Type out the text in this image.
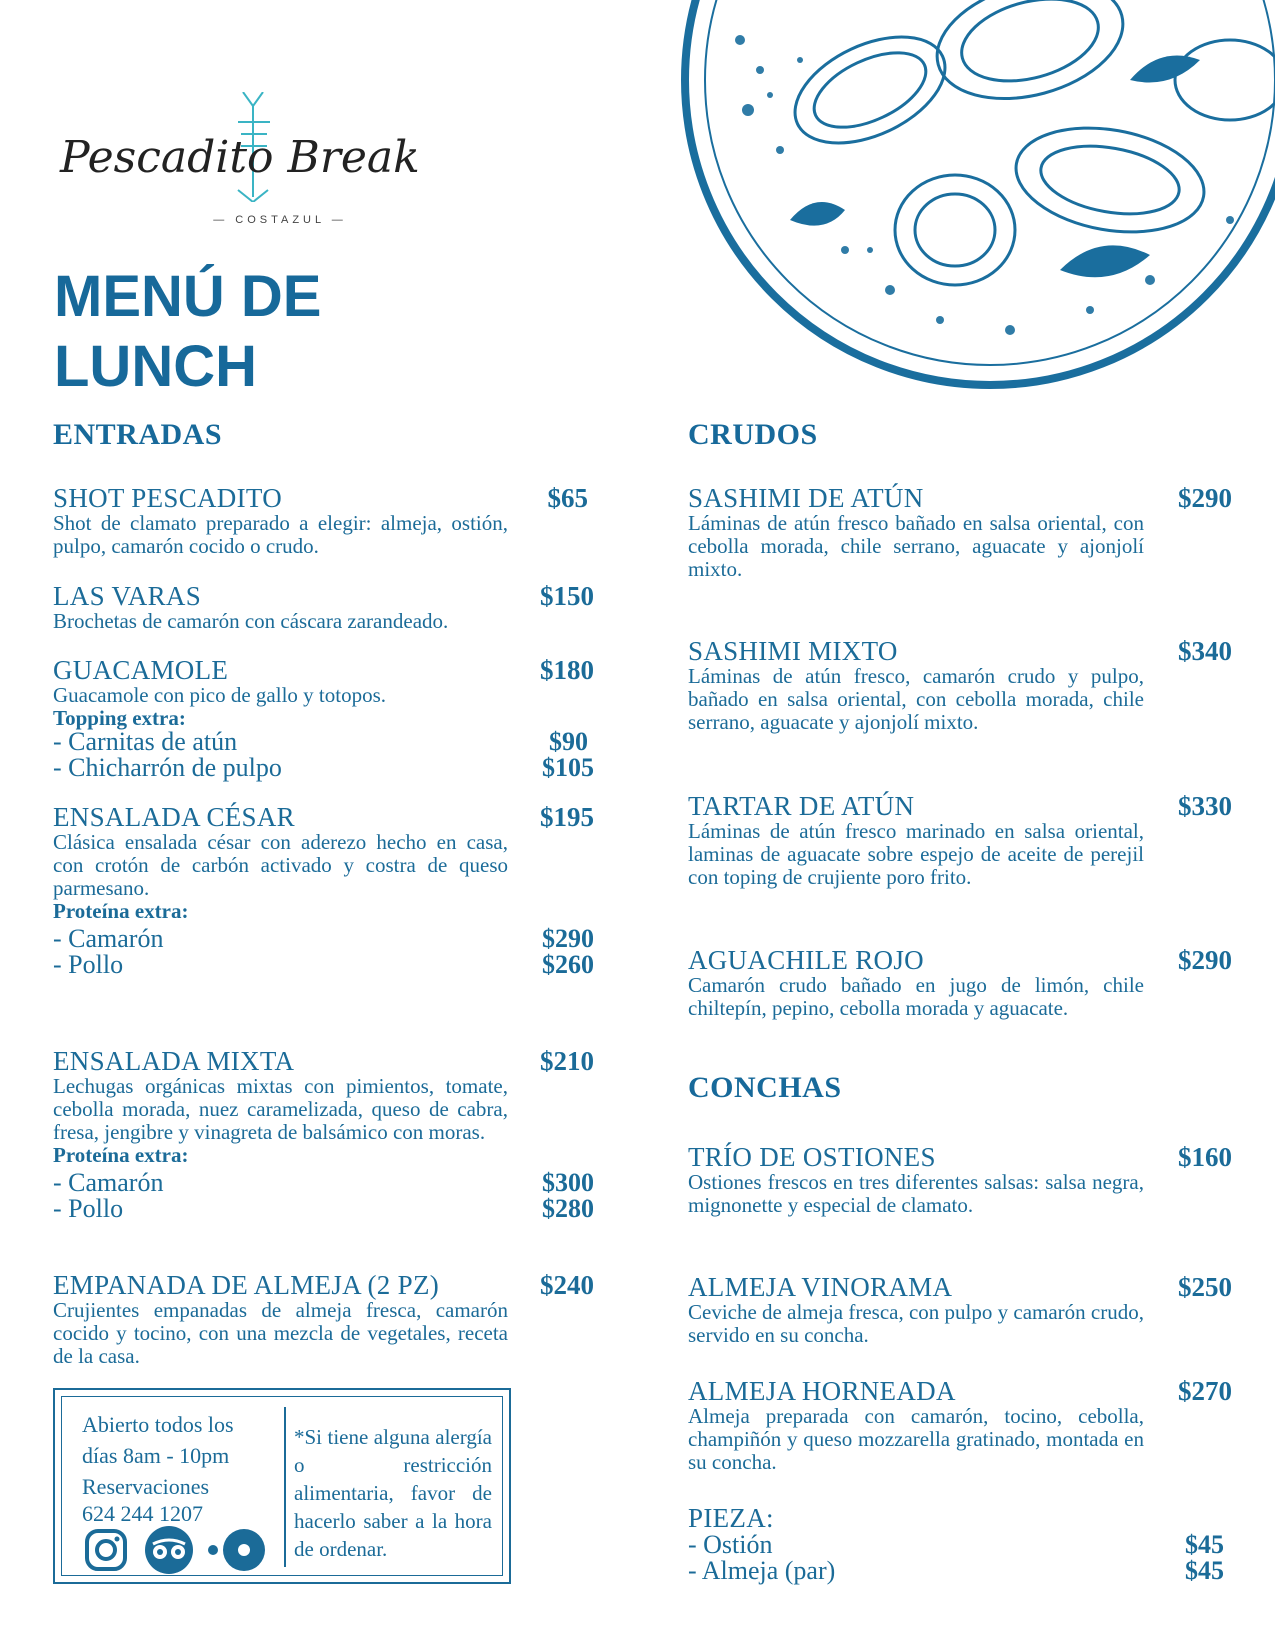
Pescadito Break
— COSTAZUL —
MENÚ DE
LUNCH
ENTRADAS
SHOT PESCADITO	$65
Shot de clamato preparado a elegir: almeja, ostión, pulpo, camarón cocido o crudo.
LAS VARAS	$150
Brochetas de camarón con cáscara zarandeado.
GUACAMOLE	$180
Guacamole con pico de gallo y totopos.
Topping extra:
- Carnitas de atún	$90
- Chicharrón de pulpo	$105
ENSALADA CÉSAR	$195
Clásica ensalada césar con aderezo hecho en casa, con crotón de carbón activado y costra de queso parmesano.
Proteína extra:
- Camarón	$290
- Pollo	$260
ENSALADA MIXTA	$210
Lechugas orgánicas mixtas con pimientos, tomate, cebolla morada, nuez caramelizada, queso de cabra, fresa, jengibre y vinagreta de balsámico con moras.
Proteína extra:
- Camarón	$300
- Pollo	$280
EMPANADA DE ALMEJA (2 PZ)	$240
Crujientes empanadas de almeja fresca, camarón cocido y tocino, con una mezcla de vegetales, receta de la casa.
Abierto todos los días 8am - 10pm
Reservaciones
624 244 1207
*Si tiene alguna alergía o restricción alimentaria, favor de hacerlo saber a la hora de ordenar.

CRUDOS
SASHIMI DE ATÚN	$290
Láminas de atún fresco bañado en salsa oriental, con cebolla morada, chile serrano, aguacate y ajonjolí mixto.
SASHIMI MIXTO	$340
Láminas de atún fresco, camarón crudo y pulpo, bañado en salsa oriental, con cebolla morada, chile serrano, aguacate y ajonjolí mixto.
TARTAR DE ATÚN	$330
Láminas de atún fresco marinado en salsa oriental, laminas de aguacate sobre espejo de aceite de perejil con toping de crujiente poro frito.
AGUACHILE ROJO	$290
Camarón crudo bañado en jugo de limón, chile chiltepín, pepino, cebolla morada y aguacate.
CONCHAS
TRÍO DE OSTIONES	$160
Ostiones frescos en tres diferentes salsas: salsa negra, mignonette y especial de clamato.
ALMEJA VINORAMA	$250
Ceviche de almeja fresca, con pulpo y camarón crudo, servido en su concha.
ALMEJA HORNEADA	$270
Almeja preparada con camarón, tocino, cebolla, champiñón y queso mozzarella gratinado, montada en su concha.
PIEZA:
- Ostión	$45
- Almeja (par)	$45
